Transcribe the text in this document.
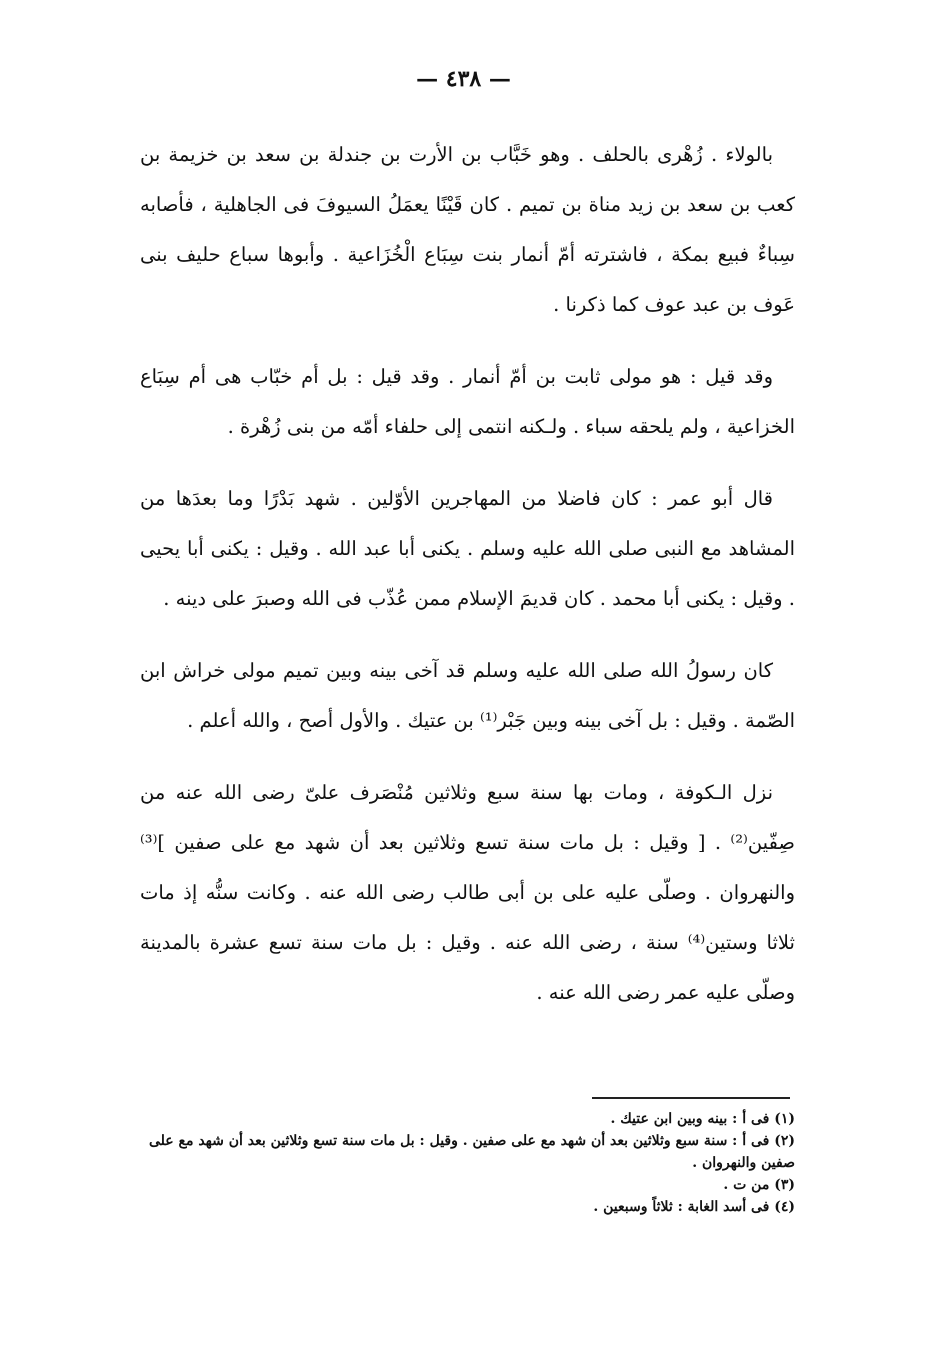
— ٤٣٨ —

بالولاء . زُهْرى بالحلف . وهو خَبَّاب بن الأرت بن جندلة بن سعد بن خزيمة بن كعب بن سعد بن زيد مناة بن تميم . كان قَيْنًا يعمَلُ السيوفَ فى الجاهلية ، فأصابه سِباءٌ فبيع بمكة ، فاشترته أمّ أنمار بنت سِبَاع الْخُزَاعية . وأبوها سباع حليف بنى عَوف بن عبد عوف كما ذكرنا .

وقد قيل : هو مولى ثابت بن أمّ أنمار . وقد قيل : بل أم خبّاب هى أم سِبَاع الخزاعية ، ولم يلحقه سباء . ولـكنه انتمى إلى حلفاء أمّه من بنى زُهْرة .

قال أبو عمر : كان فاضلا من المهاجرين الأوّلين . شهد بَدْرًا وما بعدَها من المشاهد مع النبى صلى الله عليه وسلم . يكنى أبا عبد الله . وقيل : يكنى أبا يحيى . وقيل : يكنى أبا محمد . كان قديمَ الإسلام ممن عُذّب فى الله وصبرَ على دينه .

كان رسولُ الله صلى الله عليه وسلم قد آخى بينه وبين تميم مولى خراش ابن الصّمة . وقيل : بل آخى بينه وبين جَبْر⁽¹⁾ بن عتيك . والأول أصح ، والله أعلم .

نزل الـكوفة ، ومات بها سنة سبع وثلاثين مُنْصَرف علىّ رضى الله عنه من صِفّين⁽²⁾ . [ وقيل : بل مات سنة تسع وثلاثين بعد أن شهد مع على صفين ]⁽³⁾ والنهروان . وصلّى عليه على بن أبى طالب رضى الله عنه . وكانت سنُّه إذ مات ثلاثا وستين⁽⁴⁾ سنة ، رضى الله عنه . وقيل : بل مات سنة تسع عشرة بالمدينة وصلّى عليه عمر رضى الله عنه .

(١) فى أ : بينه وبين ابن عتيك .

(٢) فى أ : سنة سبع وثلاثين بعد أن شهد مع على صفين . وقيل : بل مات سنة تسع وثلاثين بعد أن شهد مع على صفين والنهروان .

(٣) من ت .

(٤) فى أسد الغابة : ثلاثاً وسبعين .
